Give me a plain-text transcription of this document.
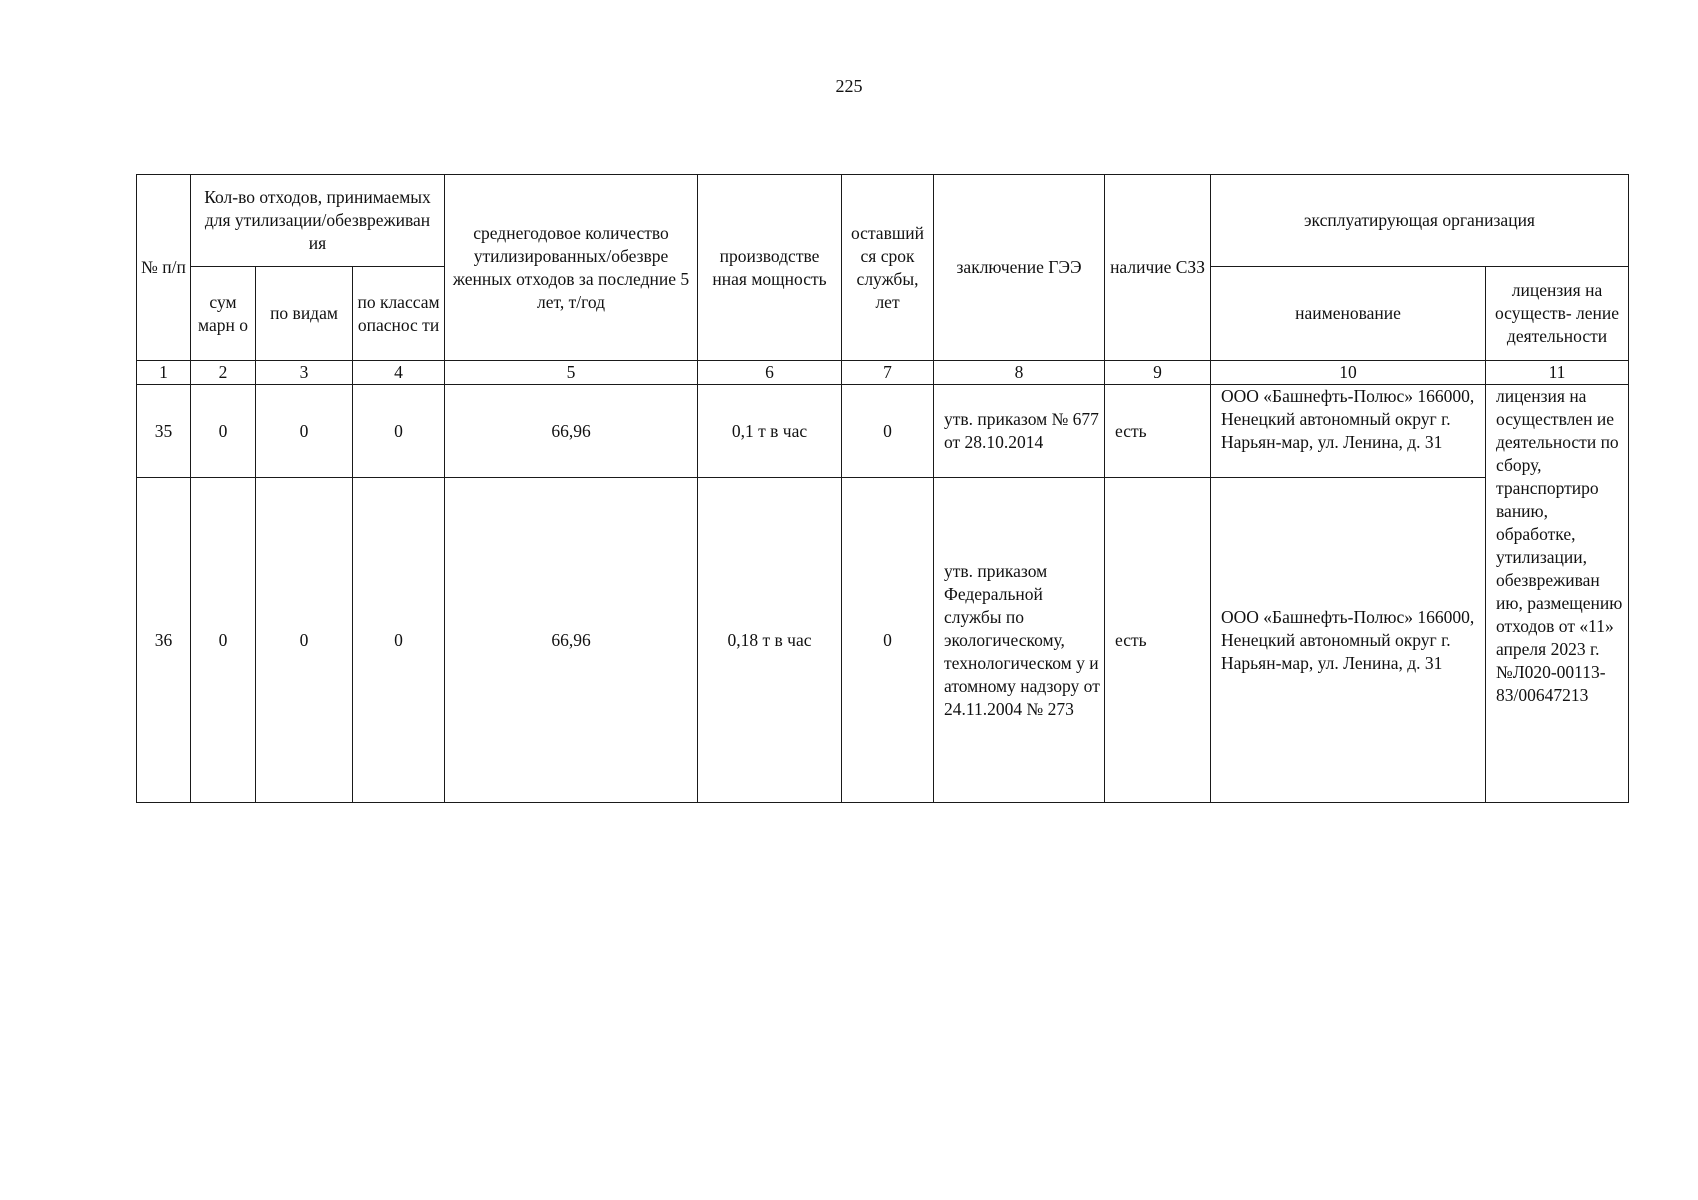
225
№ п/п	Кол-во отходов, принимаемых для утилизации/обезвреживан ия			среднегодовое количество утилизированных/обезвре женных отходов за последние 5 лет, т/год	производстве нная мощность	оставший ся срок службы, лет	заключение ГЭЭ	наличие СЗЗ	эксплуатирующая организация	
	сум марн о	по видам	по классам опаснос ти						наименование	лицензия на осуществ- ление деятельности
1	2	3	4	5	6	7	8	9	10	11
35	0	0	0	66,96	0,1 т в час	0	утв. приказом № 677 от 28.10.2014	есть	ООО «Башнефть-Полюс» 166000, Ненецкий автономный округ г. Нарьян-мар, ул. Ленина, д. 31	лицензия на осуществлен ие деятельности по сбору, транспортиро ванию, обработке, утилизации, обезвреживан ию, размещению отходов от «11» апреля 2023 г. №Л020-00113-83/00647213
36	0	0	0	66,96	0,18 т в час	0	утв. приказом Федеральной службы по экологическому, технологическом у и атомному надзору от 24.11.2004 № 273	есть	ООО «Башнефть-Полюс» 166000, Ненецкий автономный округ г. Нарьян-мар, ул. Ленина, д. 31	
